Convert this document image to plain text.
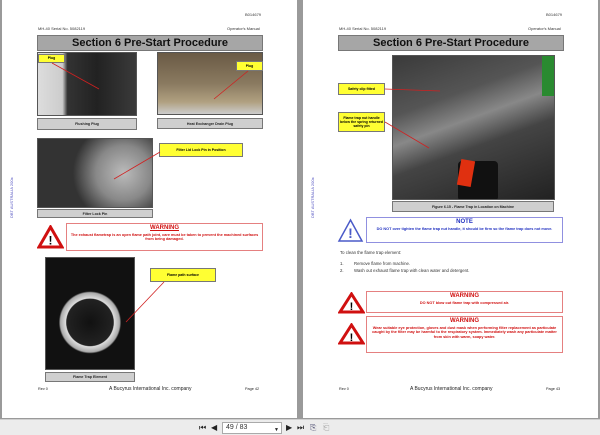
B014679
MH-40 Serial No. 5082119	Operator's Manual
Section 6 Pre-Start Procedure
Plug
Flushing Plug
Plug
Heat Exchanger Drain Plug
Filter Lid Lock Pin in Position
Filter Lock Pin
!
WARNING
The exhaust flametrap is an open flame path joint, care must be taken to prevent the machined surfaces from being damaged.
Flame path surface
Flame Trap Element
DBT AUSTRALIA 200x
Rev 0	A Bucyrus International Inc. company	Page 42
B014679
MH-40 Serial No. 5082119	Operator's Manual
Section 6 Pre-Start Procedure
Safety clip fitted
Flame trap nut handle below the spring returned safety pin
Figure 6.15 - Flame Trap in Location on Machine
!
NOTE
DO NOT over tighten the flame trap nut handle, it should be firm so the flame trap does not move.
To clean the flame trap element:
1. Remove flame from machine.
2. Wash out exhaust flame trap with clean water and detergent.
!
WARNING
DO NOT blow out flame trap with compressed air.
!
WARNING
Wear suitable eye protection, gloves and dust mask when performing filter replacement as particulate caught by the filter may be harmful to the respiratory system. Immediately wash any particulate matter from skin with warm, soapy water.
DBT AUSTRALIA 200x
Rev 0	A Bucyrus International Inc. company	Page 43
⏮ ◀	49 / 83	▼ ▶ ⏭ ⎘ ⎗
